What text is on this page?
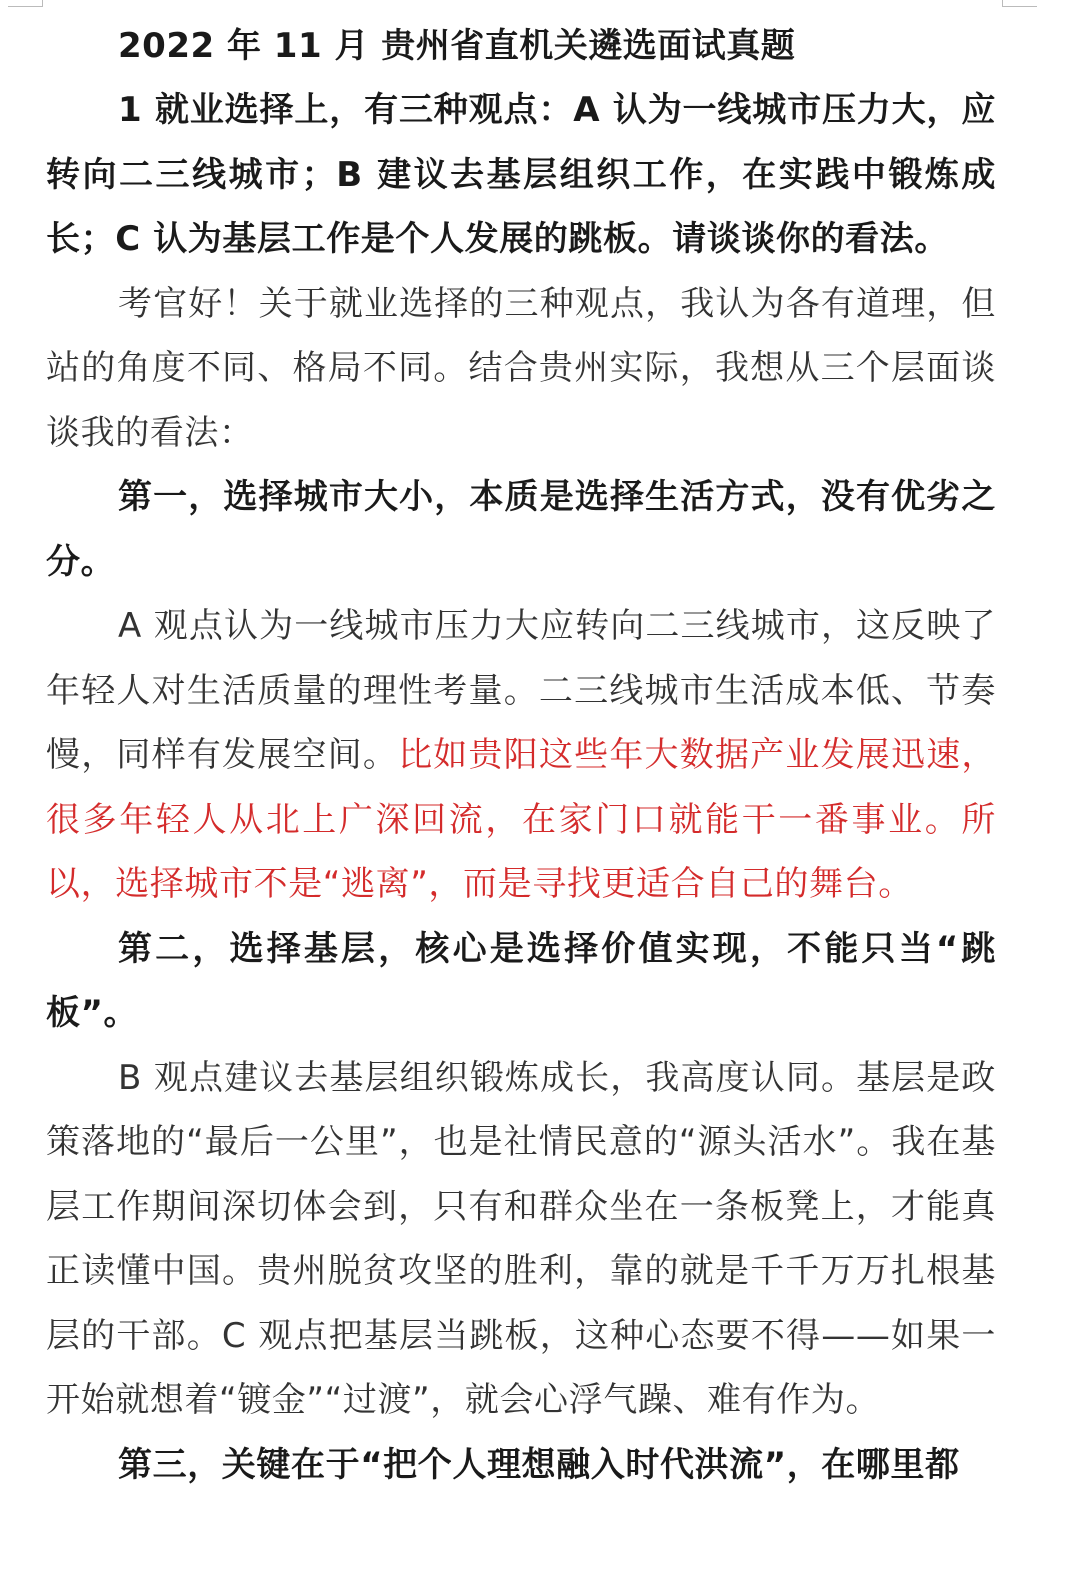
2022 年 11 月 贵州省直机关遴选面试真题

1 就业选择上，有三种观点：A 认为一线城市压力大，应转向二三线城市；B 建议去基层组织工作，在实践中锻炼成长；C 认为基层工作是个人发展的跳板。请谈谈你的看法。

考官好！关于就业选择的三种观点，我认为各有道理，但站的角度不同、格局不同。结合贵州实际，我想从三个层面谈谈我的看法：

第一，选择城市大小，本质是选择生活方式，没有优劣之分。

A 观点认为一线城市压力大应转向二三线城市，这反映了年轻人对生活质量的理性考量。二三线城市生活成本低、节奏慢，同样有发展空间。比如贵阳这些年大数据产业发展迅速，很多年轻人从北上广深回流，在家门口就能干一番事业。所以，选择城市不是“逃离”，而是寻找更适合自己的舞台。

第二，选择基层，核心是选择价值实现，不能只当“跳板”。

B 观点建议去基层组织锻炼成长，我高度认同。基层是政策落地的“最后一公里”，也是社情民意的“源头活水”。我在基层工作期间深切体会到，只有和群众坐在一条板凳上，才能真正读懂中国。贵州脱贫攻坚的胜利，靠的就是千千万万扎根基层的干部。C 观点把基层当跳板，这种心态要不得——如果一开始就想着“镀金”“过渡”，就会心浮气躁、难有作为。

第三，关键在于“把个人理想融入时代洪流”，在哪里都
